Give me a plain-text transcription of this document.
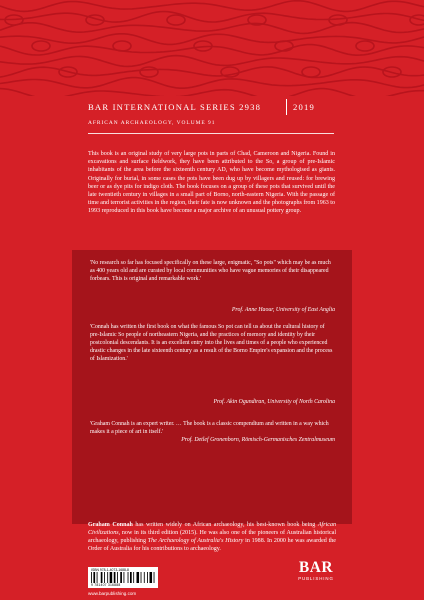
BAR INTERNATIONAL SERIES 2938	2019
AFRICAN ARCHAEOLOGY, VOLUME 91
This book is an original study of very large pots in parts of Chad, Cameroon and Nigeria. Found in excavations and surface fieldwork, they have been attributed to the So, a group of pre-Islamic inhabitants of the area before the sixteenth century AD, who have become mythologised as giants. Originally for burial, in some cases the pots have been dug up by villagers and reused: for brewing beer or as dye pits for indigo cloth. The book focuses on a group of these pots that survived until the late twentieth century in villages in a small part of Borno, north-eastern Nigeria. With the passage of time and terrorist activities in the region, their fate is now unknown and the photographs from 1963 to 1993 reproduced in this book have become a major archive of an unusual pottery group.
'No research so far has focused specifically on these large, enigmatic, "So pots" which may be as much as 400 years old and are curated by local communities who have vague memories of their disappeared forbears. This is original and remarkable work.'
Prof. Anne Haour, University of East Anglia
'Connah has written the first book on what the famous So pot can tell us about the cultural history of pre-Islamic So people of northeastern Nigeria, and the practices of memory and identity by their postcolonial descendants. It is an excellent entry into the lives and times of a people who experienced drastic changes in the late sixteenth century as a result of the Borno Empire's expansion and the process of Islamization.'
Prof. Akin Ogundiran, University of North Carolina
'Graham Connah is an expert writer. … The book is a classic compendium and written in a way which makes it a piece of art in itself.'
Prof. Detlef Gronenborn, Römisch-Germanisches Zentralmuseum
Graham Connah has written widely on African archaeology, his best-known book being African Civilizations, now in its third edition (2015). He was also one of the pioneers of Australian historical archaeology, publishing The Archaeology of Australia's History in 1988. In 2000 he was awarded the Order of Australia for his contributions to archaeology.
ISBN 978-1-4073-1688-8
9 781407 316888
www.barpublishing.com
BAR
PUBLISHING
